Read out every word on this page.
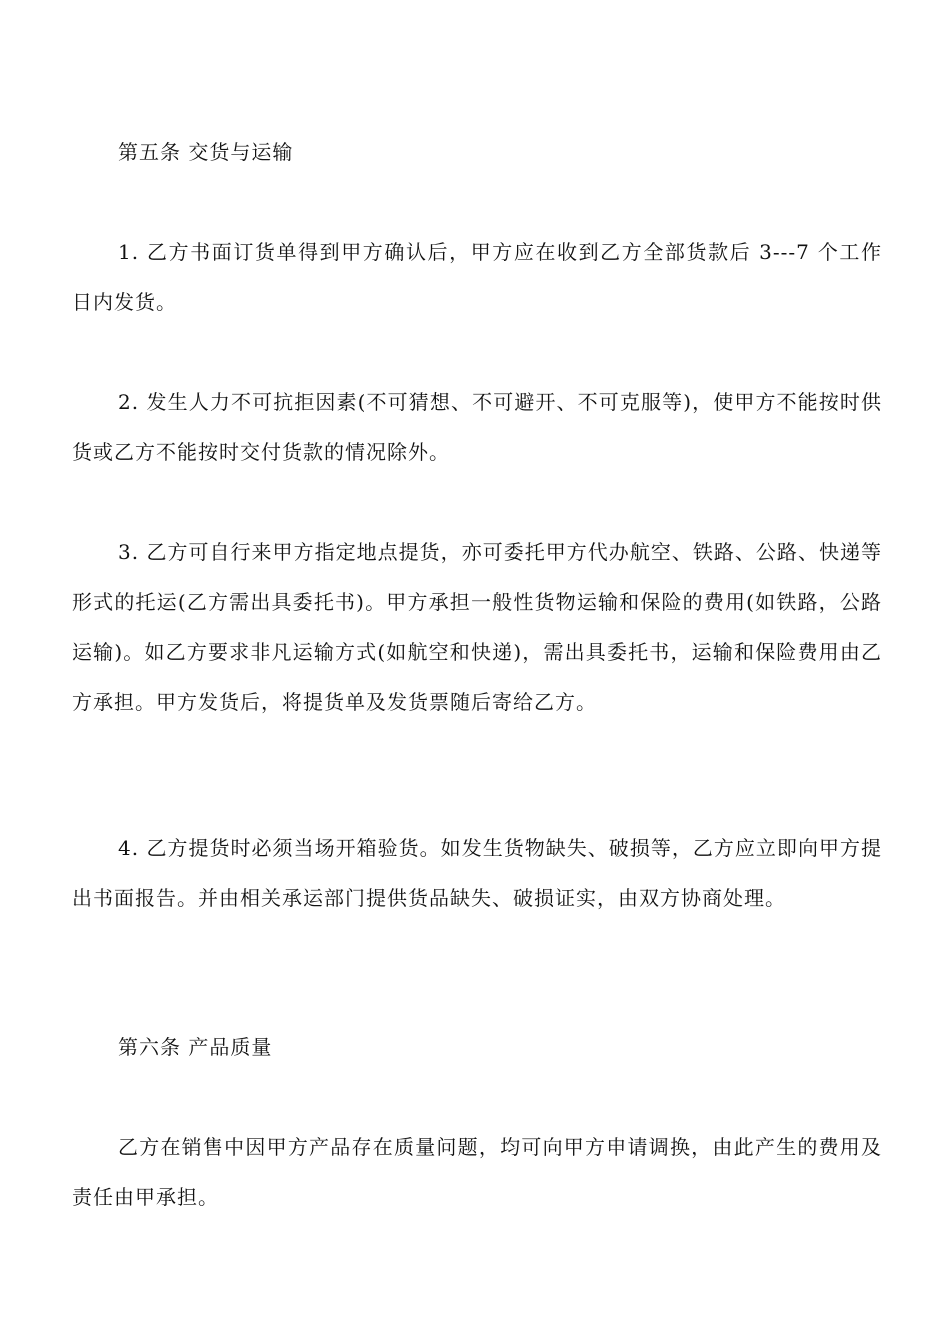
第五条 交货与运输
1. 乙方书面订货单得到甲方确认后，甲方应在收到乙方全部货款后 3---7 个工作日内发货。
2. 发生人力不可抗拒因素(不可猜想、不可避开、不可克服等)，使甲方不能按时供货或乙方不能按时交付货款的情况除外。
3. 乙方可自行来甲方指定地点提货，亦可委托甲方代办航空、铁路、公路、快递等形式的托运(乙方需出具委托书)。甲方承担一般性货物运输和保险的费用(如铁路，公路运输)。如乙方要求非凡运输方式(如航空和快递)，需出具委托书，运输和保险费用由乙方承担。甲方发货后，将提货单及发货票随后寄给乙方。
4. 乙方提货时必须当场开箱验货。如发生货物缺失、破损等，乙方应立即向甲方提出书面报告。并由相关承运部门提供货品缺失、破损证实，由双方协商处理。
第六条 产品质量
乙方在销售中因甲方产品存在质量问题，均可向甲方申请调换，由此产生的费用及责任由甲承担。
